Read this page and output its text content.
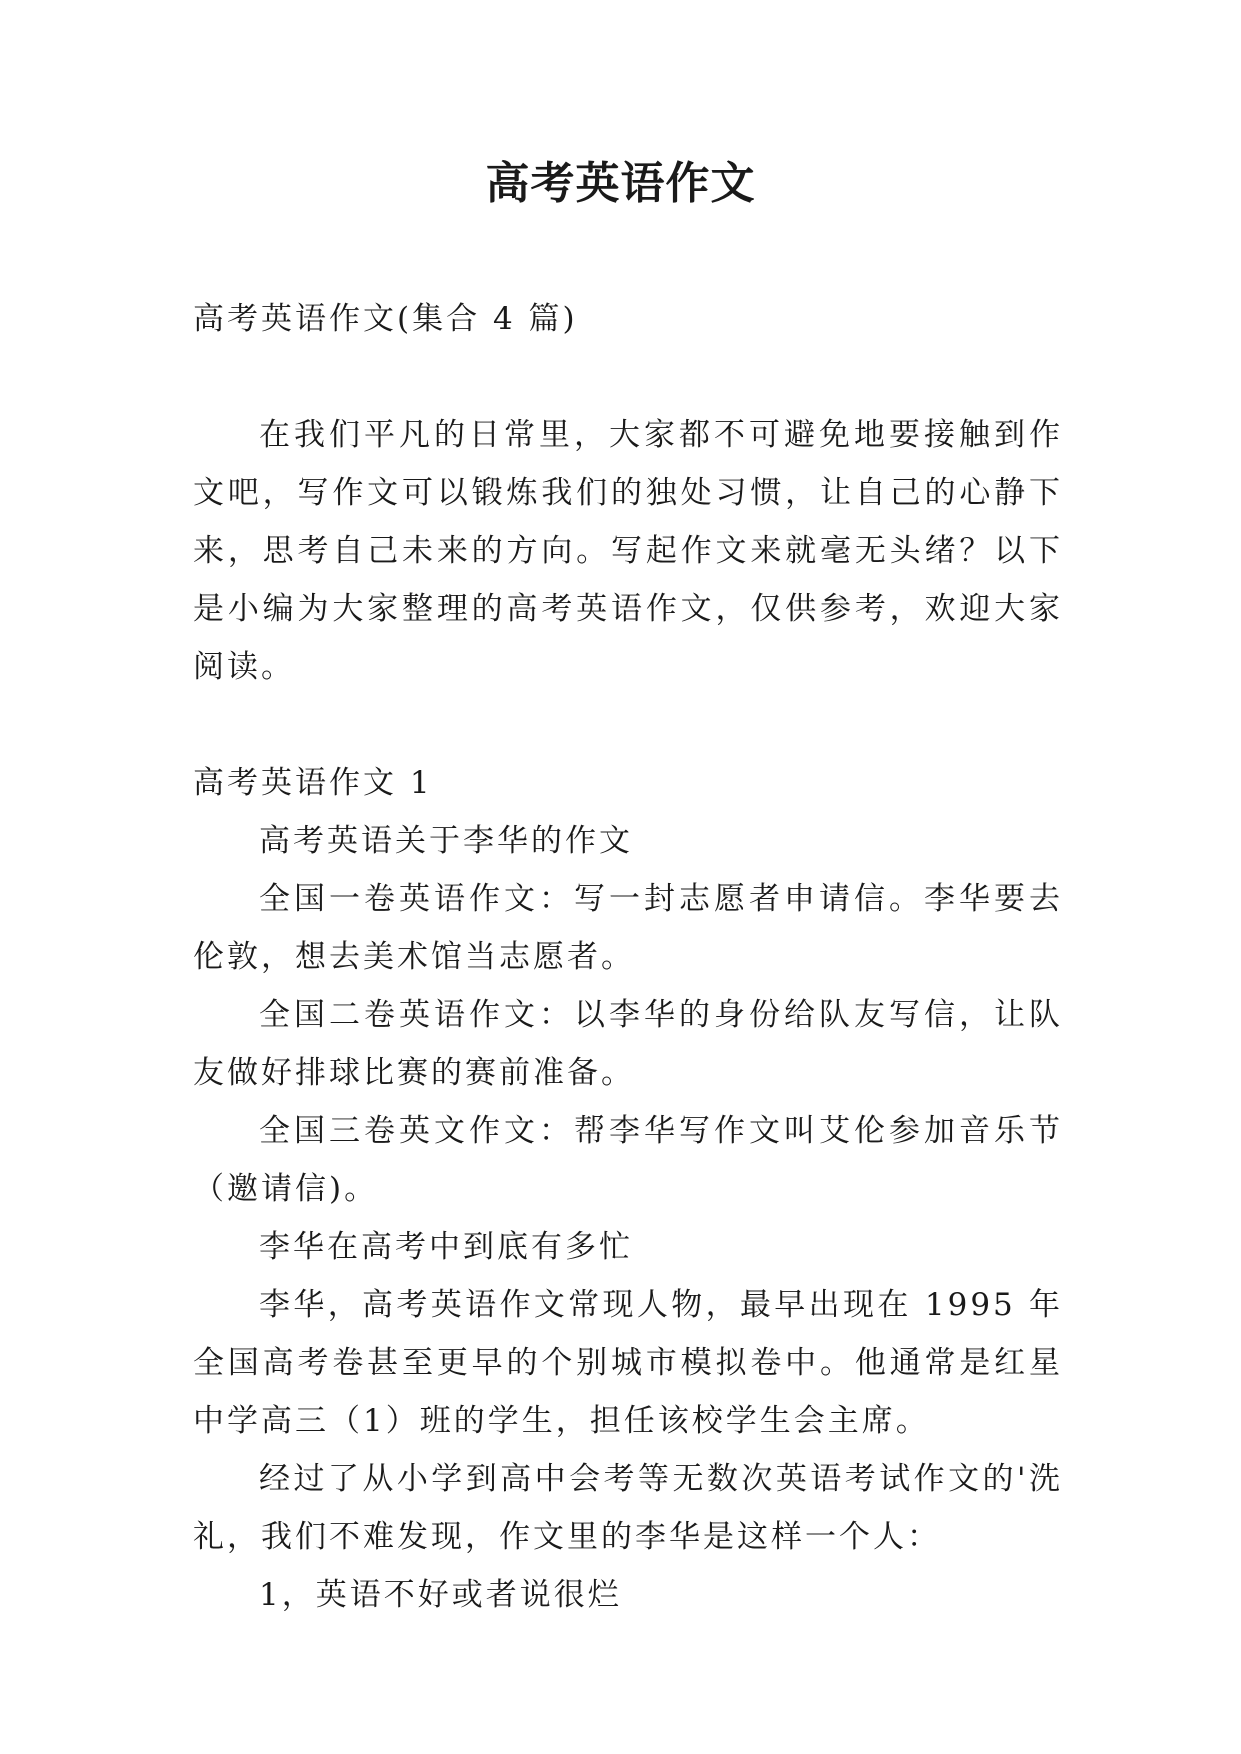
高考英语作文

高考英语作文(集合 4 篇)

在我们平凡的日常里，大家都不可避免地要接触到作文吧，写作文可以锻炼我们的独处习惯，让自己的心静下来，思考自己未来的方向。写起作文来就毫无头绪？以下是小编为大家整理的高考英语作文，仅供参考，欢迎大家阅读。

高考英语作文 1

高考英语关于李华的作文

全国一卷英语作文：写一封志愿者申请信。李华要去伦敦，想去美术馆当志愿者。

全国二卷英语作文：以李华的身份给队友写信，让队友做好排球比赛的赛前准备。

全国三卷英文作文：帮李华写作文叫艾伦参加音乐节（邀请信)。

李华在高考中到底有多忙

李华，高考英语作文常现人物，最早出现在 1995 年全国高考卷甚至更早的个别城市模拟卷中。他通常是红星中学高三（1）班的学生，担任该校学生会主席。

经过了从小学到高中会考等无数次英语考试作文的'洗礼，我们不难发现，作文里的李华是这样一个人：

1，英语不好或者说很烂
